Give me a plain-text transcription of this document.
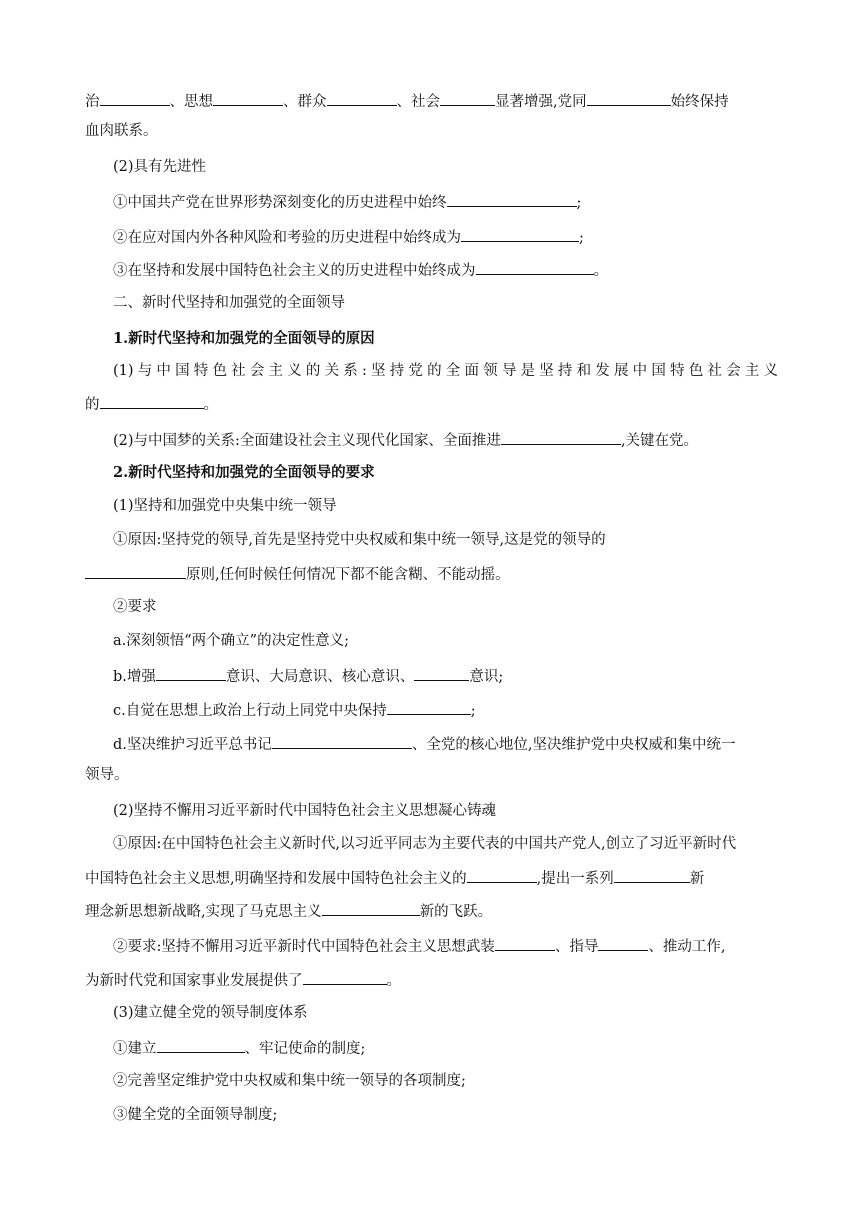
治	、思想	、群众	、社会	显著增强,党同	始终保持
血肉联系。
(2)具有先进性
①中国共产党在世界形势深刻变化的历史进程中始终	;
②在应对国内外各种风险和考验的历史进程中始终成为	;
③在坚持和发展中国特色社会主义的历史进程中始终成为	。
二、新时代坚持和加强党的全面领导
1.新时代坚持和加强党的全面领导的原因
(1)与中国特色社会主义的关系:坚持党的全面领导是坚持和发展中国特色社会主义
的	。
(2)与中国梦的关系:全面建设社会主义现代化国家、全面推进	,关键在党。
2.新时代坚持和加强党的全面领导的要求
(1)坚持和加强党中央集中统一领导
①原因:坚持党的领导,首先是坚持党中央权威和集中统一领导,这是党的领导的
原则,任何时候任何情况下都不能含糊、不能动摇。
②要求
a.深刻领悟“两个确立”的决定性意义;
b.增强	意识、大局意识、核心意识、	意识;
c.自觉在思想上政治上行动上同党中央保持	;
d.坚决维护习近平总书记	、全党的核心地位,坚决维护党中央权威和集中统一
领导。
(2)坚持不懈用习近平新时代中国特色社会主义思想凝心铸魂
①原因:在中国特色社会主义新时代,以习近平同志为主要代表的中国共产党人,创立了习近平新时代
中国特色社会主义思想,明确坚持和发展中国特色社会主义的	,提出一系列	新
理念新思想新战略,实现了马克思主义	新的飞跃。
②要求:坚持不懈用习近平新时代中国特色社会主义思想武装	、指导	、推动工作,
为新时代党和国家事业发展提供了	。
(3)建立健全党的领导制度体系
①建立	、牢记使命的制度;
②完善坚定维护党中央权威和集中统一领导的各项制度;
③健全党的全面领导制度;
